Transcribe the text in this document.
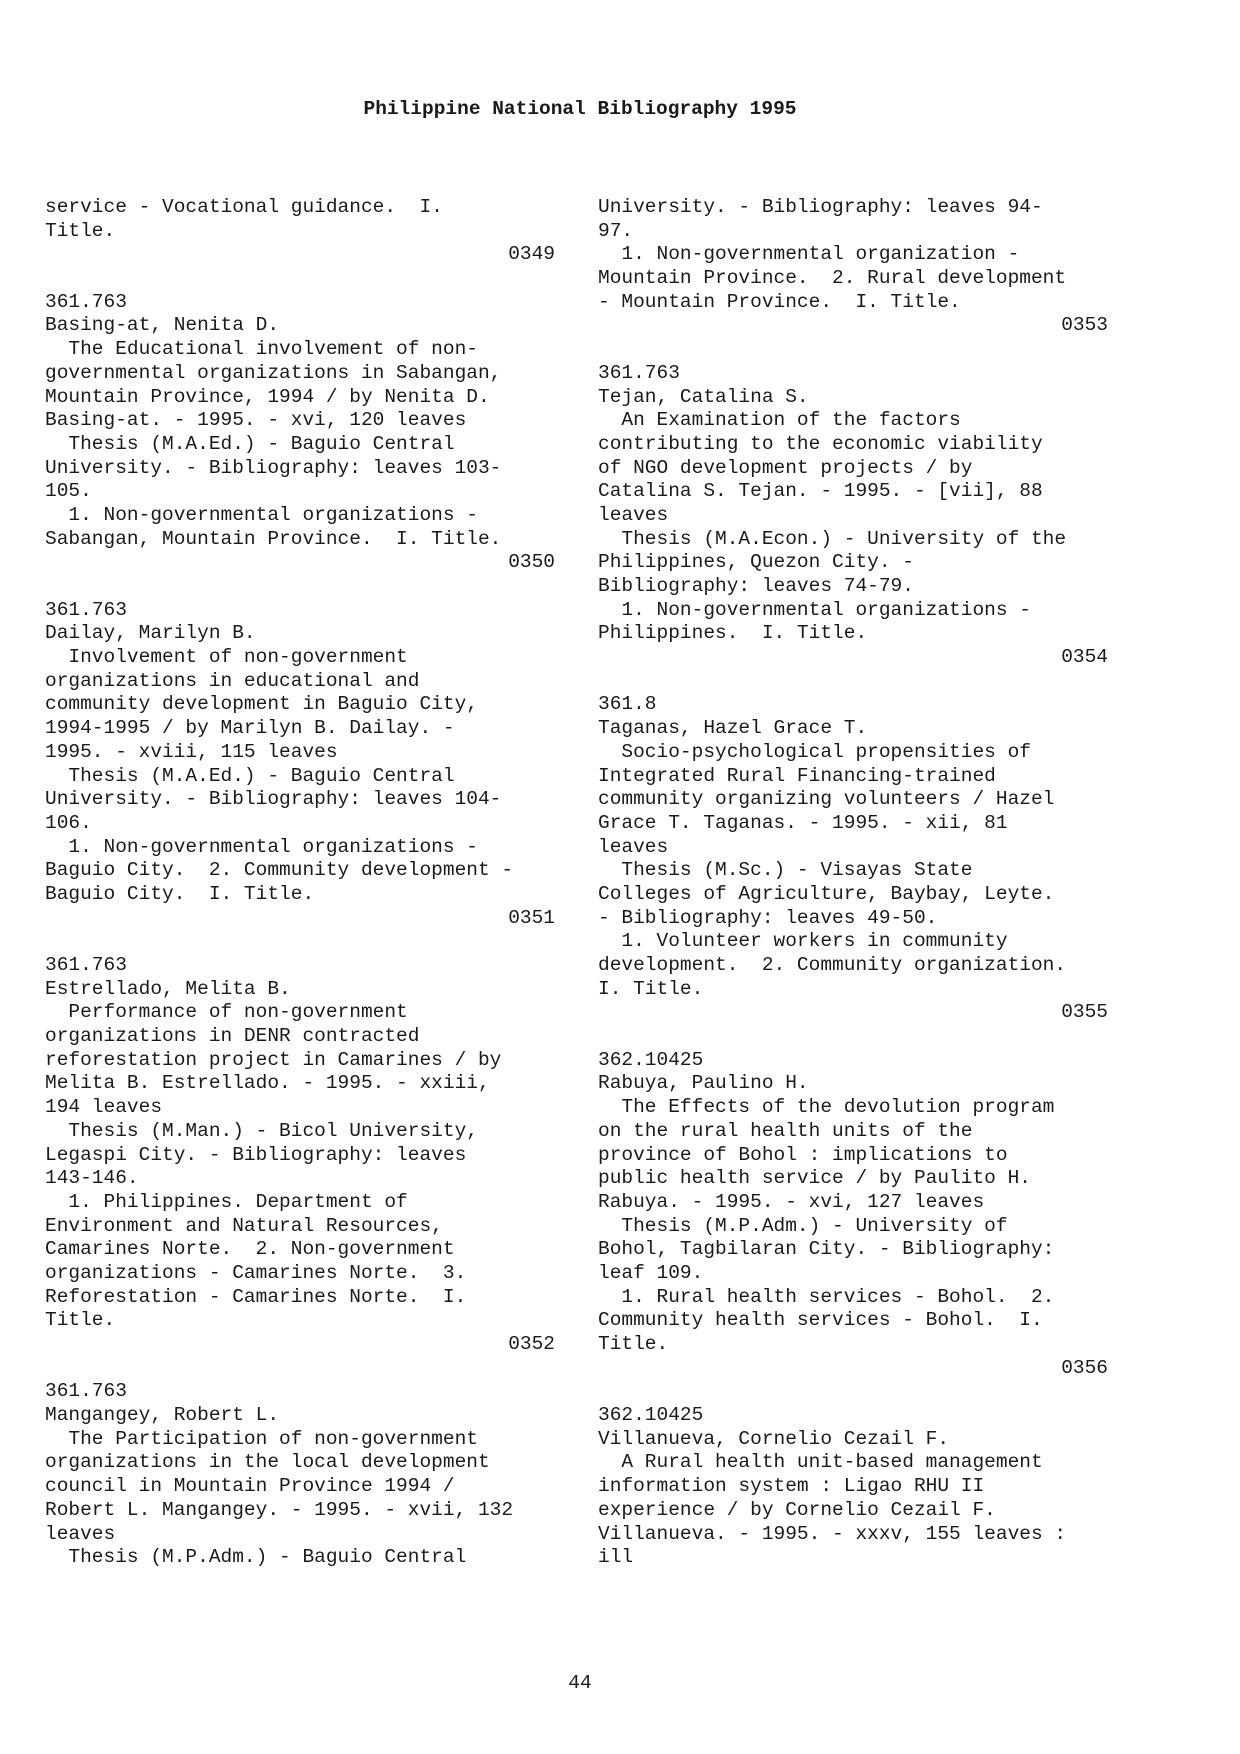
Philippine National Bibliography 1995
service - Vocational guidance.  I.
Title.
0349
361.763
Basing-at, Nenita D.
The Educational involvement of non-
governmental organizations in Sabangan,
Mountain Province, 1994 / by Nenita D.
Basing-at. - 1995. - xvi, 120 leaves
Thesis (M.A.Ed.) - Baguio Central
University. - Bibliography: leaves 103-
105.
1. Non-governmental organizations -
Sabangan, Mountain Province.  I. Title.
0350
361.763
Dailay, Marilyn B.
Involvement of non-government
organizations in educational and
community development in Baguio City,
1994-1995 / by Marilyn B. Dailay. -
1995. - xviii, 115 leaves
Thesis (M.A.Ed.) - Baguio Central
University. - Bibliography: leaves 104-
106.
1. Non-governmental organizations -
Baguio City.  2. Community development -
Baguio City.  I. Title.
0351
361.763
Estrellado, Melita B.
Performance of non-government
organizations in DENR contracted
reforestation project in Camarines / by
Melita B. Estrellado. - 1995. - xxiii,
194 leaves
Thesis (M.Man.) - Bicol University,
Legaspi City. - Bibliography: leaves
143-146.
1. Philippines. Department of
Environment and Natural Resources,
Camarines Norte.  2. Non-government
organizations - Camarines Norte.  3.
Reforestation - Camarines Norte.  I.
Title.
0352
361.763
Mangangey, Robert L.
The Participation of non-government
organizations in the local development
council in Mountain Province 1994 /
Robert L. Mangangey. - 1995. - xvii, 132
leaves
Thesis (M.P.Adm.) - Baguio Central
University. - Bibliography: leaves 94-
97.
1. Non-governmental organization -
Mountain Province.  2. Rural development
- Mountain Province.  I. Title.
0353
361.763
Tejan, Catalina S.
An Examination of the factors
contributing to the economic viability
of NGO development projects / by
Catalina S. Tejan. - 1995. - [vii], 88
leaves
Thesis (M.A.Econ.) - University of the
Philippines, Quezon City. -
Bibliography: leaves 74-79.
1. Non-governmental organizations -
Philippines.  I. Title.
0354
361.8
Taganas, Hazel Grace T.
Socio-psychological propensities of
Integrated Rural Financing-trained
community organizing volunteers / Hazel
Grace T. Taganas. - 1995. - xii, 81
leaves
Thesis (M.Sc.) - Visayas State
Colleges of Agriculture, Baybay, Leyte.
- Bibliography: leaves 49-50.
1. Volunteer workers in community
development.  2. Community organization.
I. Title.
0355
362.10425
Rabuya, Paulino H.
The Effects of the devolution program
on the rural health units of the
province of Bohol : implications to
public health service / by Paulito H.
Rabuya. - 1995. - xvi, 127 leaves
Thesis (M.P.Adm.) - University of
Bohol, Tagbilaran City. - Bibliography:
leaf 109.
1. Rural health services - Bohol.  2.
Community health services - Bohol.  I.
Title.
0356
362.10425
Villanueva, Cornelio Cezail F.
A Rural health unit-based management
information system : Ligao RHU II
experience / by Cornelio Cezail F.
Villanueva. - 1995. - xxxv, 155 leaves :
ill
44
